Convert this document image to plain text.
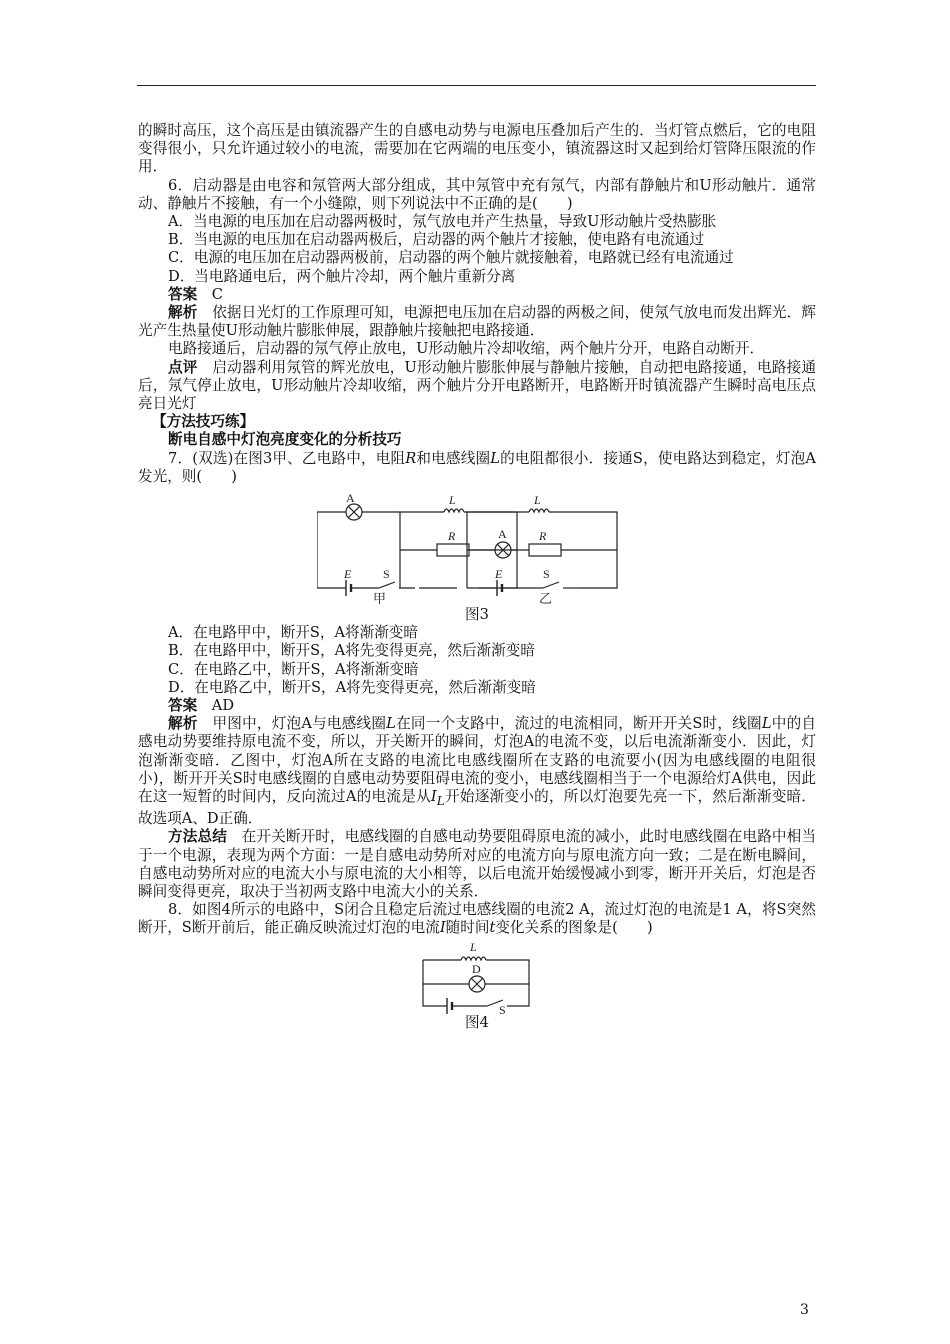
的瞬时高压，这个高压是由镇流器产生的自感电动势与电源电压叠加后产生的．当灯管点燃后，它的电阻变得很小，只允许通过较小的电流，需要加在它两端的电压变小，镇流器这时又起到给灯管降压限流的作用．

6．启动器是由电容和氖管两大部分组成，其中氖管中充有氖气，内部有静触片和U形动触片．通常动、静触片不接触，有一个小缝隙，则下列说法中不正确的是(　　)

A．当电源的电压加在启动器两极时，氖气放电并产生热量，导致U形动触片受热膨胀

B．当电源的电压加在启动器两极后，启动器的两个触片才接触，使电路有电流通过

C．电源的电压加在启动器两极前，启动器的两个触片就接触着，电路就已经有电流通过

D．当电路通电后，两个触片冷却，两个触片重新分离

答案　C

解析　依据日光灯的工作原理可知，电源把电压加在启动器的两极之间，使氖气放电而发出辉光．辉光产生热量使U形动触片膨胀伸展，跟静触片接触把电路接通．

电路接通后，启动器的氖气停止放电，U形动触片冷却收缩，两个触片分开，电路自动断开．

点评　启动器利用氖管的辉光放电，U形动触片膨胀伸展与静触片接触，自动把电路接通，电路接通后，氖气停止放电，U形动触片冷却收缩，两个触片分开电路断开，电路断开时镇流器产生瞬时高电压点亮日光灯

【方法技巧练】

断电自感中灯泡亮度变化的分析技巧

7．(双选)在图3甲、乙电路中，电阻R和电感线圈L的电阻都很小．接通S，使电路达到稳定，灯泡A发光，则(　　)

A	L
R
E	S
甲
A
L
R
E	S
乙

图3

A．在电路甲中，断开S，A将渐渐变暗

B．在电路甲中，断开S，A将先变得更亮，然后渐渐变暗

C．在电路乙中，断开S，A将渐渐变暗

D．在电路乙中，断开S，A将先变得更亮，然后渐渐变暗

答案　AD

解析　甲图中，灯泡A与电感线圈L在同一个支路中，流过的电流相同，断开开关S时，线圈L中的自感电动势要维持原电流不变，所以，开关断开的瞬间，灯泡A的电流不变，以后电流渐渐变小．因此，灯泡渐渐变暗．乙图中，灯泡A所在支路的电流比电感线圈所在支路的电流要小(因为电感线圈的电阻很小)，断开开关S时电感线圈的自感电动势要阻碍电流的变小，电感线圈相当于一个电源给灯A供电，因此在这一短暂的时间内，反向流过A的电流是从$I_L$开始逐渐变小的，所以灯泡要先亮一下，然后渐渐变暗．故选项A、D正确．

方法总结　在开关断开时，电感线圈的自感电动势要阻碍原电流的减小，此时电感线圈在电路中相当于一个电源，表现为两个方面：一是自感电动势所对应的电流方向与原电流方向一致；二是在断电瞬间，自感电动势所对应的电流大小与原电流的大小相等，以后电流开始缓慢减小到零，断开开关后，灯泡是否瞬间变得更亮，取决于当初两支路中电流大小的关系．

8．如图4所示的电路中，S闭合且稳定后流过电感线圈的电流2 A，流过灯泡的电流是1 A，将S突然断开，S断开前后，能正确反映流过灯泡的电流I随时间t变化关系的图象是(　　)

L
D
S

图4

3
